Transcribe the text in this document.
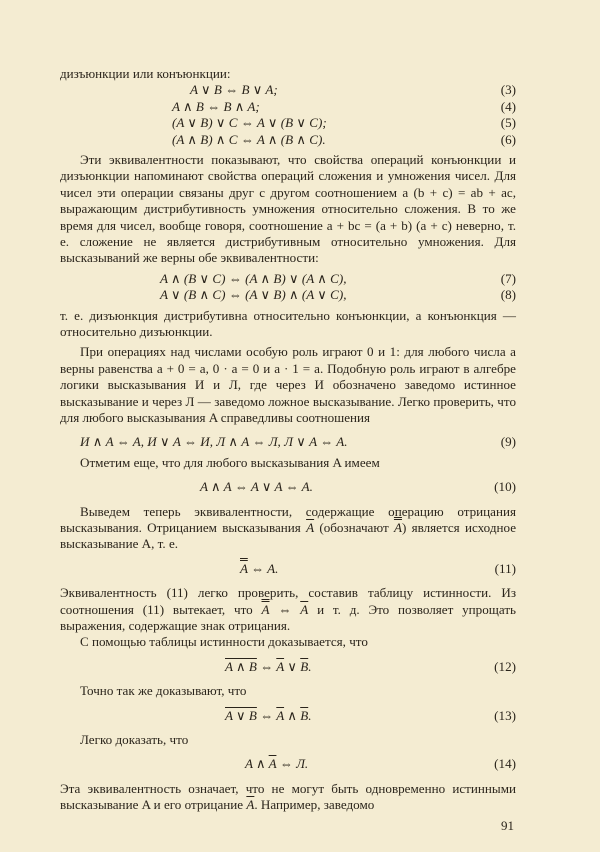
дизъюнкции или конъюнкции:

A ∨ B ⇔ B ∨ A;	(3)
A ∧ B ⇔ B ∧ A;	(4)
(A ∨ B) ∨ C ⇔ A ∨ (B ∨ C);	(5)
(A ∧ B) ∧ C ⇔ A ∧ (B ∧ C).	(6)

Эти эквивалентности показывают, что свойства операций конъюнкции и дизъюнкции напоминают свойства операций сложения и умножения чисел. Для чисел эти операции связаны друг с другом соотношением a (b + c) = ab + ac, выражающим дистрибутивность умножения относительно сложения. В то же время для чисел, вообще говоря, соотношение a + bc = (a + b) (a + c) неверно, т. е. сложение не является дистрибутивным относительно умножения. Для высказываний же верны обе эквивалентности:

A ∧ (B ∨ C) ⇔ (A ∧ B) ∨ (A ∧ C),	(7)
A ∨ (B ∧ C) ⇔ (A ∨ B) ∧ (A ∨ C),	(8)

т. е. дизъюнкция дистрибутивна относительно конъюнкции, а конъюнкция — относительно дизъюнкции.

При операциях над числами особую роль играют 0 и 1: для любого числа a верны равенства a + 0 = a, 0 · a = 0 и a · 1 = a. Подобную роль играют в алгебре логики высказывания И и Л, где через И обозначено заведомо истинное высказывание и через Л — заведомо ложное высказывание. Легко проверить, что для любого высказывания A справедливы соотношения

И ∧ A ⇔ A, И ∨ A ⇔ И, Л ∧ A ⇔ Л, Л ∨ A ⇔ A.	(9)

Отметим еще, что для любого высказывания A имеем

A ∧ A ⇔ A ∨ A ⇔ A.	(10)

Выведем теперь эквивалентности, содержащие операцию отрицания высказывания. Отрицанием высказывания $\overline{A}$ (обозначают A) является исходное высказывание A, т. е.

A ⇔ A.	(11)

Эквивалентность (11) легко проверить, составив таблицу истинности. Из соотношения (11) вытекает, что A ⇔ $\overline{A}$ и т. д. Это позволяет упрощать выражения, содержащие знак отрицания.

С помощью таблицы истинности доказывается, что

A ∧ B ⇔ $\overline{A}$ ∨ $\overline{B}$.	(12)

Точно так же доказывают, что

A ∨ B ⇔ $\overline{A}$ ∧ $\overline{B}$.	(13)

Легко доказать, что

A ∧ $\overline{A}$ ⇔ Л.	(14)

Эта эквивалентность означает, что не могут быть одновременно истинными высказывание A и его отрицание $\overline{A}$. Например, заведомо

91
